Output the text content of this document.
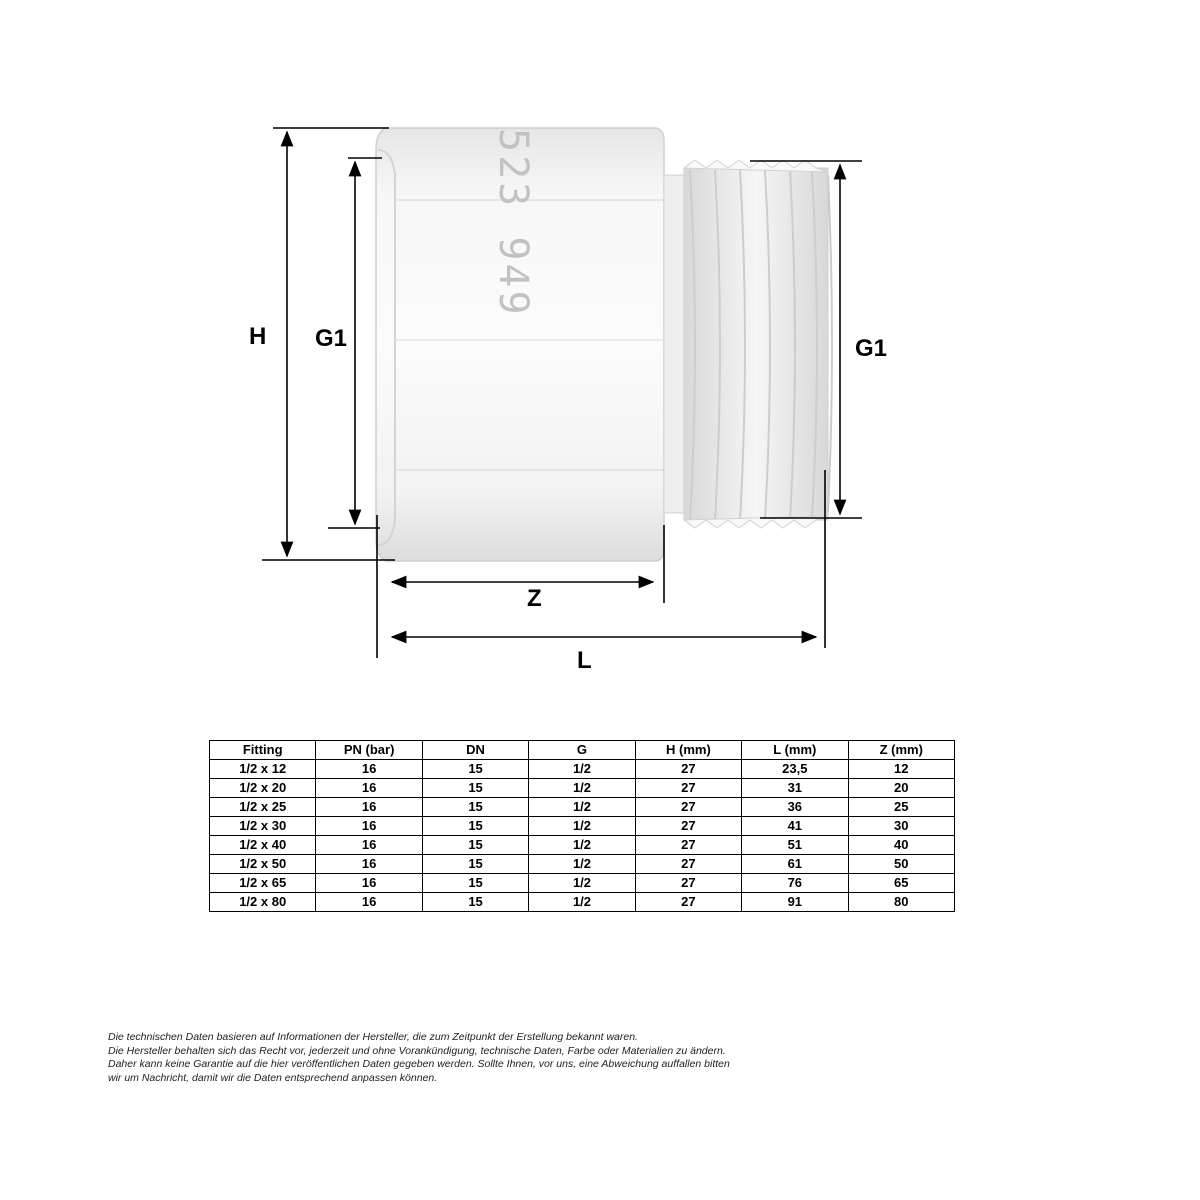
523 949
H G1	G1
Z
L
Fitting	PN (bar)	DN	G	H (mm)	L (mm)	Z (mm)
1/2 x 12	16	15	1/2	27	23,5	12
1/2 x 20	16	15	1/2	27	31	20
1/2 x 25	16	15	1/2	27	36	25
1/2 x 30	16	15	1/2	27	41	30
1/2 x 40	16	15	1/2	27	51	40
1/2 x 50	16	15	1/2	27	61	50
1/2 x 65	16	15	1/2	27	76	65
1/2 x 80	16	15	1/2	27	91	80
Die technischen Daten basieren auf Informationen der Hersteller, die zum Zeitpunkt der Erstellung bekannt waren.
Die Hersteller behalten sich das Recht vor, jederzeit und ohne Vorankündigung, technische Daten, Farbe oder Materialien zu ändern.
Daher kann keine Garantie auf die hier veröffentlichen Daten gegeben werden. Sollte Ihnen, vor uns, eine Abweichung auffallen bitten
wir um Nachricht, damit wir die Daten entsprechend anpassen können.
